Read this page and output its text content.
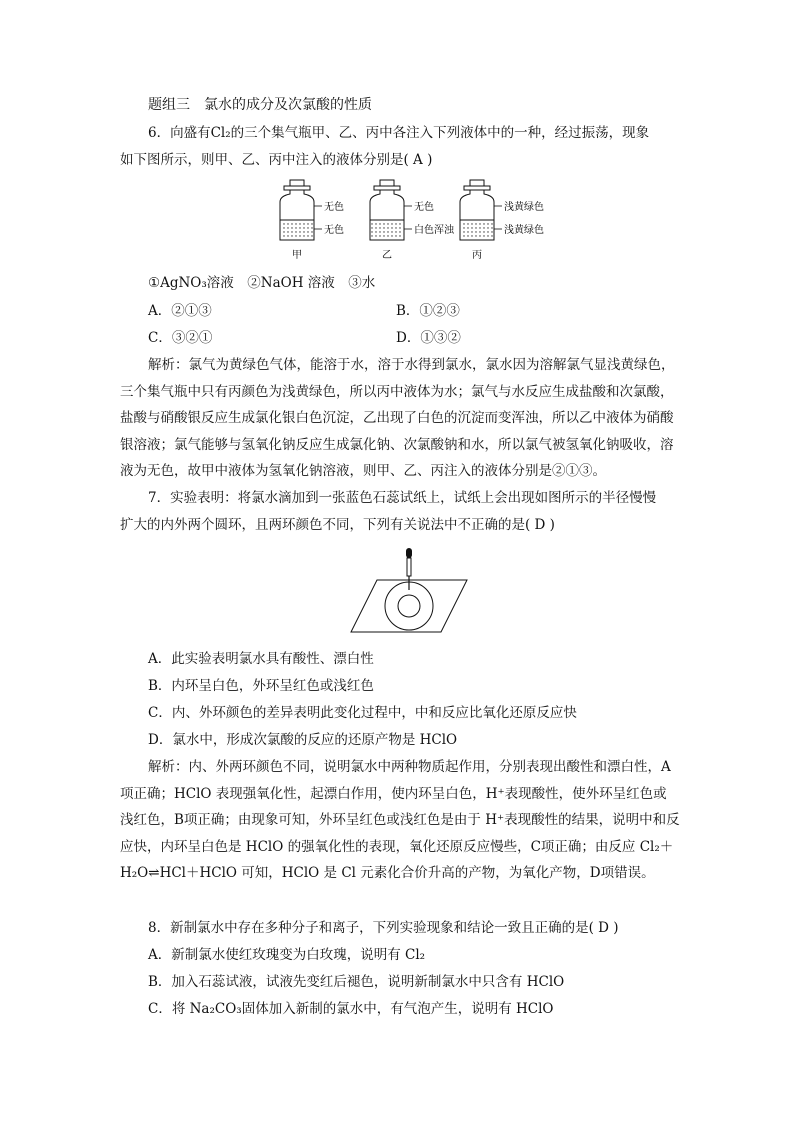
题组三　氯水的成分及次氯酸的性质
6．向盛有Cl₂的三个集气瓶甲、乙、丙中各注入下列液体中的一种，经过振荡，现象
如下图所示，则甲、乙、丙中注入的液体分别是( A )
无色
无色
甲
无色
白色浑浊
乙
浅黄绿色
浅黄绿色
丙
①AgNO₃溶液　②NaOH 溶液　③水
A．②①③	B．①②③
C．③②①	D．①③②
解析：氯气为黄绿色气体，能溶于水，溶于水得到氯水，氯水因为溶解氯气显浅黄绿色，三个集气瓶中只有丙颜色为浅黄绿色，所以丙中液体为水；氯气与水反应生成盐酸和次氯酸，盐酸与硝酸银反应生成氯化银白色沉淀，乙出现了白色的沉淀而变浑浊，所以乙中液体为硝酸银溶液；氯气能够与氢氧化钠反应生成氯化钠、次氯酸钠和水，所以氯气被氢氧化钠吸收，溶液为无色，故甲中液体为氢氧化钠溶液，则甲、乙、丙注入的液体分别是②①③。
7．实验表明：将氯水滴加到一张蓝色石蕊试纸上，试纸上会出现如图所示的半径慢慢
扩大的内外两个圆环，且两环颜色不同，下列有关说法中不正确的是( D )
A．此实验表明氯水具有酸性、漂白性
B．内环呈白色，外环呈红色或浅红色
C．内、外环颜色的差异表明此变化过程中，中和反应比氧化还原反应快
D．氯水中，形成次氯酸的反应的还原产物是 HClO
解析：内、外两环颜色不同，说明氯水中两种物质起作用，分别表现出酸性和漂白性，A项正确；HClO 表现强氧化性，起漂白作用，使内环呈白色，H⁺表现酸性，使外环呈红色或浅红色，B项正确；由现象可知，外环呈红色或浅红色是由于 H⁺表现酸性的结果，说明中和反应快，内环呈白色是 HClO 的强氧化性的表现，氧化还原反应慢些，C项正确；由反应 Cl₂＋H₂O⇌HCl＋HClO 可知，HClO 是 Cl 元素化合价升高的产物，为氧化产物，D项错误。
8．新制氯水中存在多种分子和离子，下列实验现象和结论一致且正确的是( D )
A．新制氯水使红玫瑰变为白玫瑰，说明有 Cl₂
B．加入石蕊试液，试液先变红后褪色，说明新制氯水中只含有 HClO
C．将 Na₂CO₃固体加入新制的氯水中，有气泡产生，说明有 HClO
